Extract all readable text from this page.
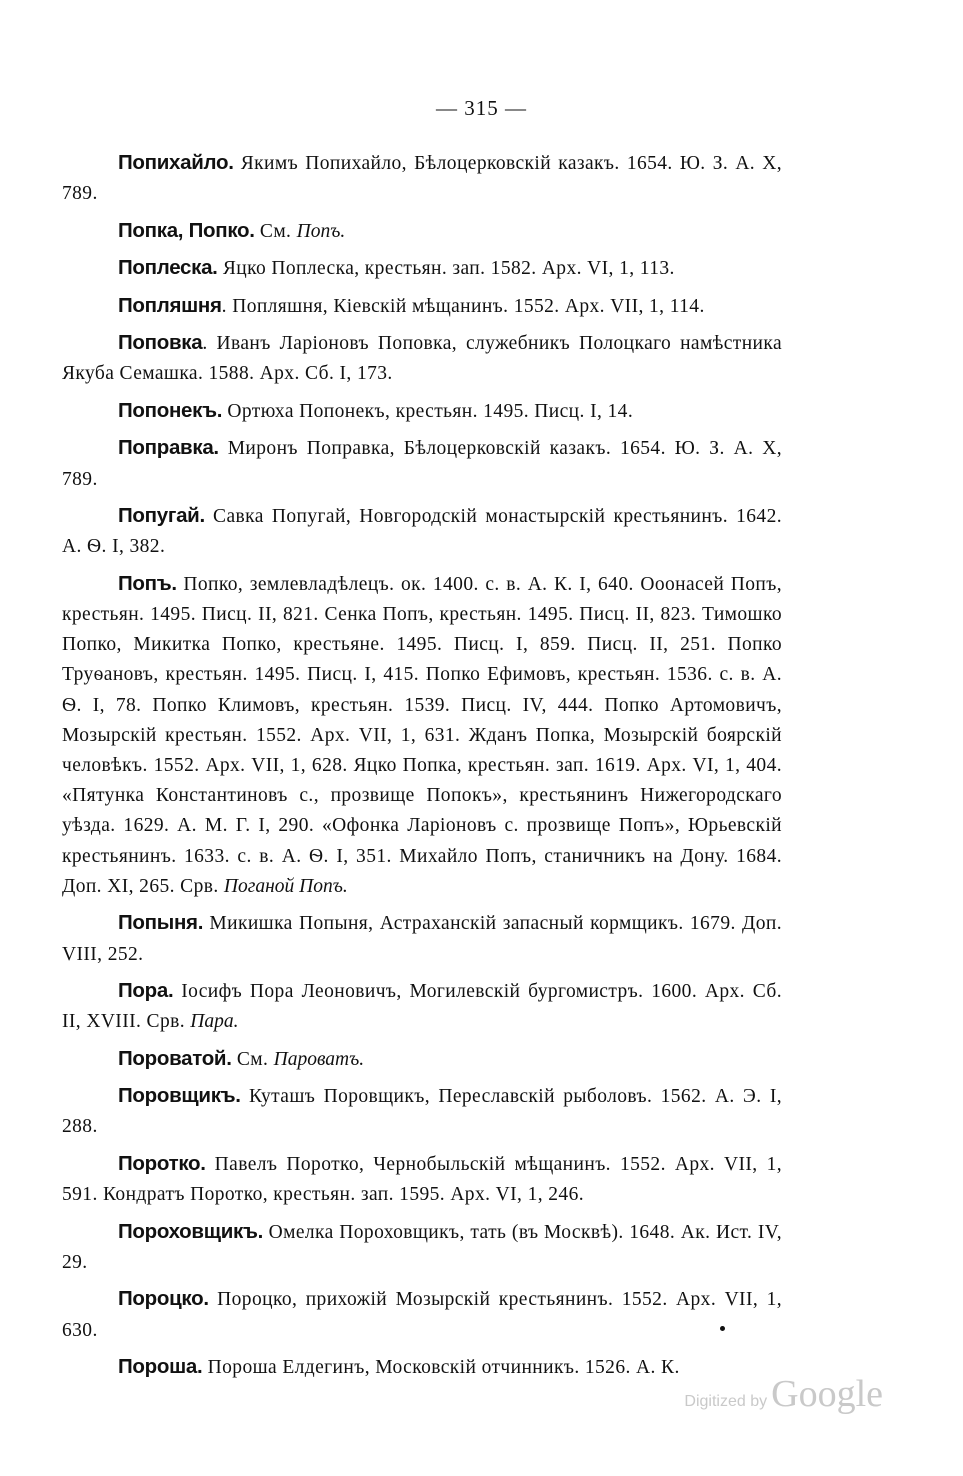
— 315 —

Попихайло. Якимъ Попихайло, Бѣлоцерковскій казакъ. 1654. Ю. З. А. X, 789.

Попка, Попко. См. Попъ.

Поплеска. Яцко Поплеска, крестьян. зап. 1582. Арх. VI, 1, 113.

Попляшня. Попляшня, Кіевскій мѣщанинъ. 1552. Арх. VII, 1, 114.

Поповка. Иванъ Ларіоновъ Поповка, служебникъ Полоцкаго намѣстника Якуба Семашка. 1588. Арх. Сб. I, 173.

Попонекъ. Ортюха Попонекъ, крестьян. 1495. Писц. I, 14.

Поправка. Миронъ Поправка, Бѣлоцерковскій казакъ. 1654. Ю. З. А. X, 789.

Попугай. Савка Попугай, Новгородскій монастырскій крестьянинъ. 1642. А. Ѳ. I, 382.

Попъ. Попко, землевладѣлецъ. ок. 1400. с. в. А. К. I, 640. Ооонасей Попъ, крестьян. 1495. Писц. II, 821. Сенка Попъ, крестьян. 1495. Писц. II, 823. Тимошко Попко, Микитка Попко, крестьяне. 1495. Писц. I, 859. Писц. II, 251. Попко Труѳановъ, крестьян. 1495. Писц. I, 415. Попко Ефимовъ, крестьян. 1536. с. в. А. Ѳ. I, 78. Попко Климовъ, крестьян. 1539. Писц. IV, 444. Попко Артомовичъ, Мозырскій крестьян. 1552. Арх. VII, 1, 631. Жданъ Попка, Мозырскій боярскій человѣкъ. 1552. Арх. VII, 1, 628. Яцко Попка, крестьян. зап. 1619. Арх. VI, 1, 404. «Пятунка Константиновъ с., прозвище Попокъ», крестьянинъ Нижегородскаго уѣзда. 1629. А. М. Г. I, 290. «Офонка Ларіоновъ с. прозвище Попъ», Юрьевскій крестьянинъ. 1633. с. в. А. Ѳ. I, 351. Михайло Попъ, станичникъ на Дону. 1684. Доп. XI, 265. Срв. Поганой Попъ.

Попыня. Микишка Попыня, Астраханскій запасный кормщикъ. 1679. Доп. VIII, 252.

Пора. Іосифъ Пора Леоновичъ, Могилевскій бургомистръ. 1600. Арх. Сб. II, XVIII. Срв. Пара.

Пороватой. См. Пароватъ.

Поровщикъ. Куташъ Поровщикъ, Переславскій рыболовъ. 1562. А. Э. I, 288.

Поротко. Павелъ Поротко, Чернобыльскій мѣщанинъ. 1552. Арх. VII, 1, 591. Кондратъ Поротко, крестьян. зап. 1595. Арх. VI, 1, 246.

Пороховщикъ. Омелка Пороховщикъ, тать (въ Москвѣ). 1648. Ак. Ист. IV, 29.

Пороцко. Пороцко, прихожій Мозырскій крестьянинъ. 1552. Арх. VII, 1, 630.

Пороша. Пороша Елдегинъ, Московскій отчинникъ. 1526. А. К.

Digitized by Google
